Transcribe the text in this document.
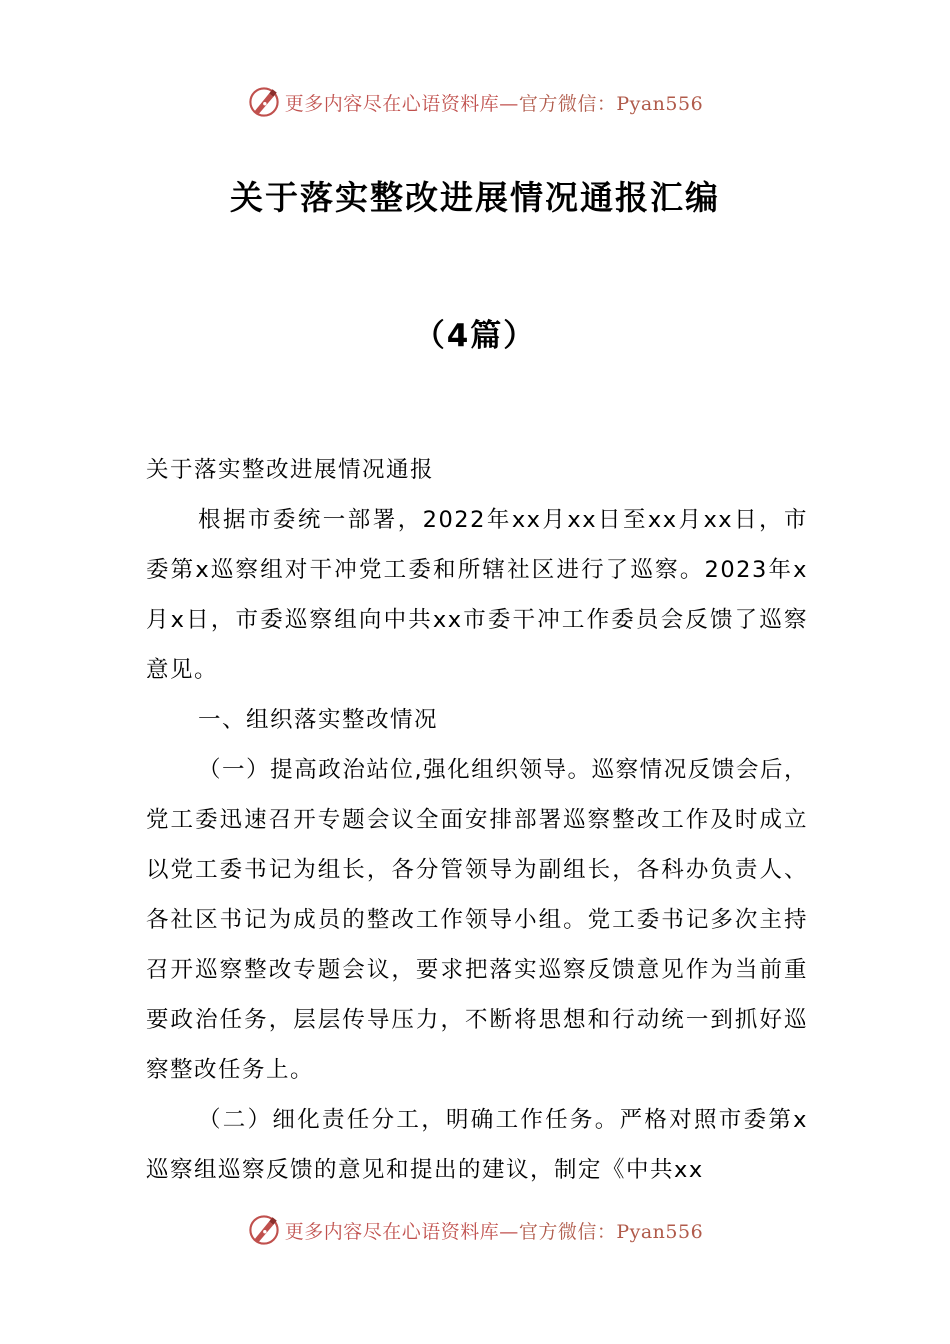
更多内容尽在心语资料库—官方微信：Pyan556
关于落实整改进展情况通报汇编
（4篇）

关于落实整改进展情况通报

根据市委统一部署，2022年xx月xx日至xx月xx日，市委第x巡察组对干冲党工委和所辖社区进行了巡察。2023年x月x日，市委巡察组向中共xx市委干冲工作委员会反馈了巡察意见。

一、组织落实整改情况

（一）提高政治站位,强化组织领导。巡察情况反馈会后，党工委迅速召开专题会议全面安排部署巡察整改工作及时成立以党工委书记为组长，各分管领导为副组长，各科办负责人、各社区书记为成员的整改工作领导小组。党工委书记多次主持召开巡察整改专题会议，要求把落实巡察反馈意见作为当前重要政治任务，层层传导压力，不断将思想和行动统一到抓好巡察整改任务上。

（二）细化责任分工，明确工作任务。严格对照市委第x巡察组巡察反馈的意见和提出的建议，制定《中共xx

更多内容尽在心语资料库—官方微信：Pyan556
